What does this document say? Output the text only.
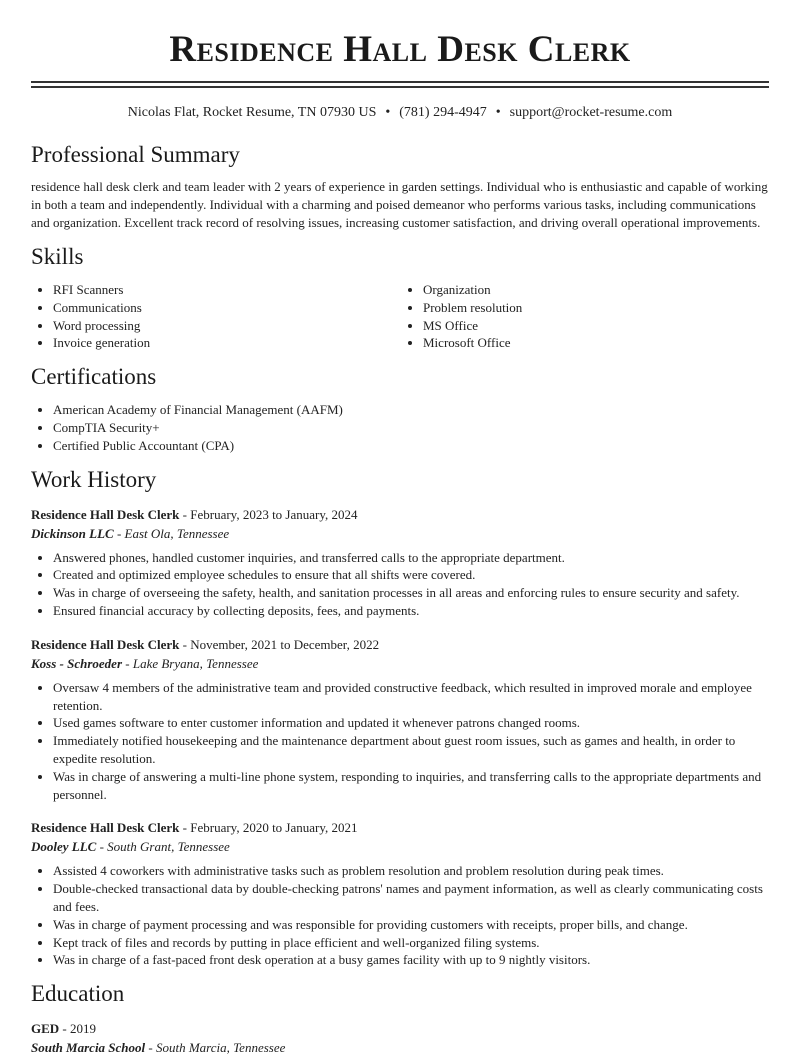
Residence Hall Desk Clerk
Nicolas Flat, Rocket Resume, TN 07930 US • (781) 294-4947 • support@rocket-resume.com
Professional Summary

residence hall desk clerk and team leader with 2 years of experience in garden settings. Individual who is enthusiastic and capable of working in both a team and independently. Individual with a charming and poised demeanor who performs various tasks, including communications and organization. Excellent track record of resolving issues, increasing customer satisfaction, and driving overall operational improvements.

Skills
• RFI Scanners
• Communications
• Word processing
• Invoice generation
• Organization
• Problem resolution
• MS Office
• Microsoft Office
Certifications
• American Academy of Financial Management (AAFM)
• CompTIA Security+
• Certified Public Accountant (CPA)
Work History
Residence Hall Desk Clerk - February, 2023 to January, 2024
Dickinson LLC - East Ola, Tennessee
• Answered phones, handled customer inquiries, and transferred calls to the appropriate department.
• Created and optimized employee schedules to ensure that all shifts were covered.
• Was in charge of overseeing the safety, health, and sanitation processes in all areas and enforcing rules to ensure security and safety.
• Ensured financial accuracy by collecting deposits, fees, and payments.
Residence Hall Desk Clerk - November, 2021 to December, 2022
Koss - Schroeder - Lake Bryana, Tennessee
• Oversaw 4 members of the administrative team and provided constructive feedback, which resulted in improved morale and employee retention.
• Used games software to enter customer information and updated it whenever patrons changed rooms.
• Immediately notified housekeeping and the maintenance department about guest room issues, such as games and health, in order to expedite resolution.
• Was in charge of answering a multi-line phone system, responding to inquiries, and transferring calls to the appropriate departments and personnel.
Residence Hall Desk Clerk - February, 2020 to January, 2021
Dooley LLC - South Grant, Tennessee
• Assisted 4 coworkers with administrative tasks such as problem resolution and problem resolution during peak times.
• Double-checked transactional data by double-checking patrons' names and payment information, as well as clearly communicating costs and fees.
• Was in charge of payment processing and was responsible for providing customers with receipts, proper bills, and change.
• Kept track of files and records by putting in place efficient and well-organized filing systems.
• Was in charge of a fast-paced front desk operation at a busy games facility with up to 9 nightly visitors.
Education
GED - 2019
South Marcia School - South Marcia, Tennessee
